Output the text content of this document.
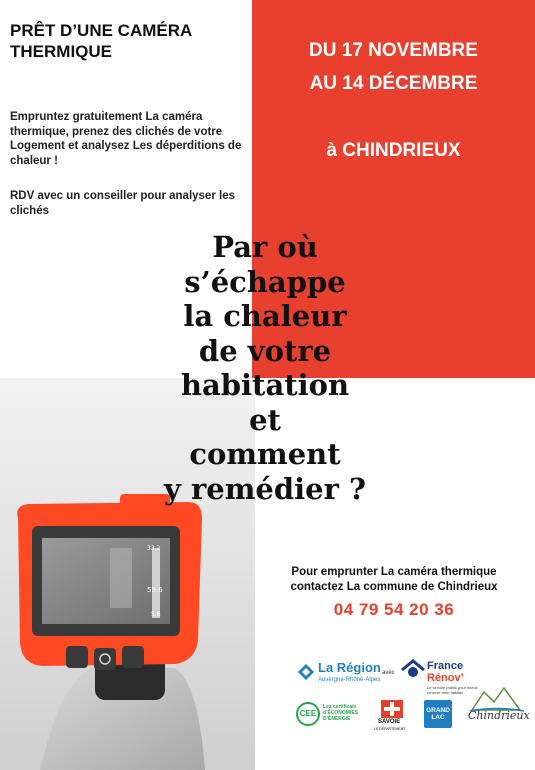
DU 17 NOVEMBRE
AU 14 DÉCEMBRE
à CHINDRIEUX
PRÊT D’UNE CAMÉRA
THERMIQUE
Empruntez gratuitement La caméra thermique, prenez des clichés de votre Logement et analysez Les déperditions de chaleur !
RDV avec un conseiller pour analyser les clichés
33.2
59.6
5.6
Par où
s’échappe
la chaleur
de votre
habitation
et
comment
y remédier ?
Pour emprunter La caméra thermique
contactez La commune de Chindrieux
04 79 54 20 36
La Région
Auvergne-Rhône-Alpes
avec
France
Rénov’
Le service public pour mieux rénover mon habitat
CEE
Les certificats d’ÉCONOMIES D’ÉNERGIE	SAVOIE
LE DÉPARTEMENT
GRAND LAC	Chindrieux
